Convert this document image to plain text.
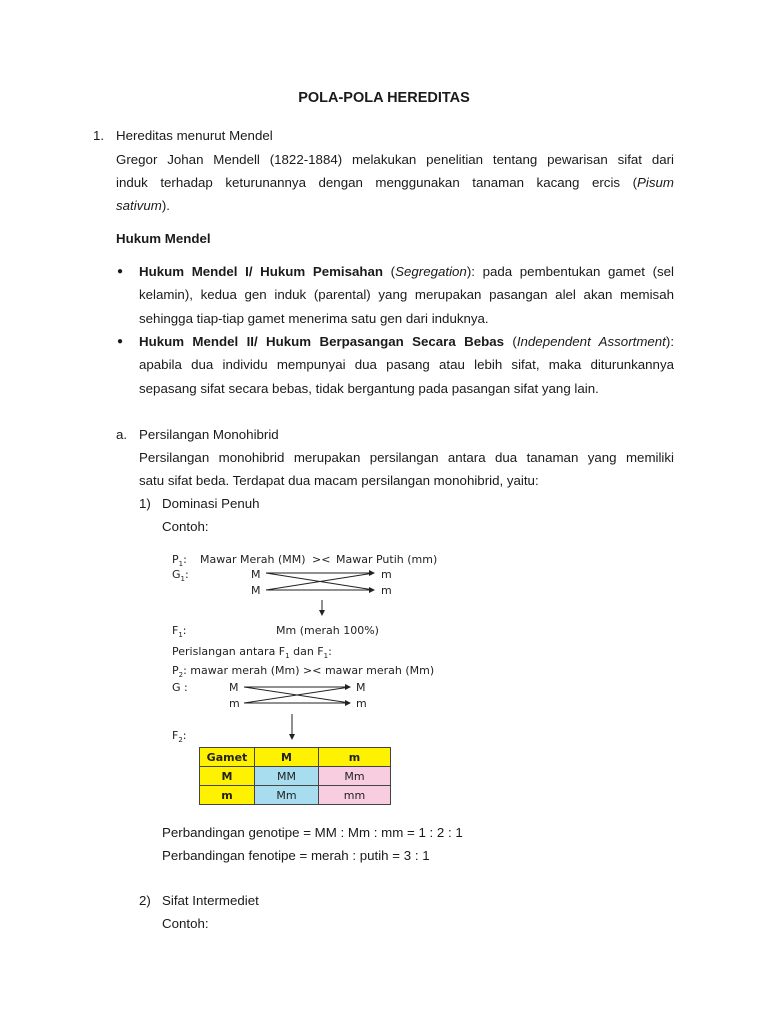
POLA-POLA HEREDITAS
1. Hereditas menurut Mendel
Gregor Johan Mendell (1822-1884) melakukan penelitian tentang pewarisan sifat dari
induk terhadap keturunannya dengan menggunakan tanaman kacang ercis (Pisum
sativum).
Hukum Mendel
● Hukum Mendel I/ Hukum Pemisahan (Segregation): pada pembentukan gamet (sel
kelamin), kedua gen induk (parental) yang merupakan pasangan alel akan memisah
sehingga tiap-tiap gamet menerima satu gen dari induknya.
● Hukum Mendel II/ Hukum Berpasangan Secara Bebas (Independent Assortment):
apabila dua individu mempunyai dua pasang atau lebih sifat, maka diturunkannya
sepasang sifat secara bebas, tidak bergantung pada pasangan sifat yang lain.
a. Persilangan Monohibrid
Persilangan monohibrid merupakan persilangan antara dua tanaman yang memiliki
satu sifat beda. Terdapat dua macam persilangan monohibrid, yaitu:
1) Dominasi Penuh
Contoh:
$P_1$: Mawar Merah (MM) >< Mawar Putih (mm)
$G_1$:	M
M
m
m
$F_1$:	Mm (merah 100%)
Perislangan antara $F_1$ dan $F_1$:
$P_2$: mawar merah (Mm) >< mawar merah (Mm)
G :	M
m
M
m
$F_2$:
Gamet	M	m
M	MM	Mm
m	Mm	mm
Perbandingan genotipe = MM : Mm : mm = 1 : 2 : 1
Perbandingan fenotipe = merah : putih = 3 : 1
2) Sifat Intermediet
Contoh:
